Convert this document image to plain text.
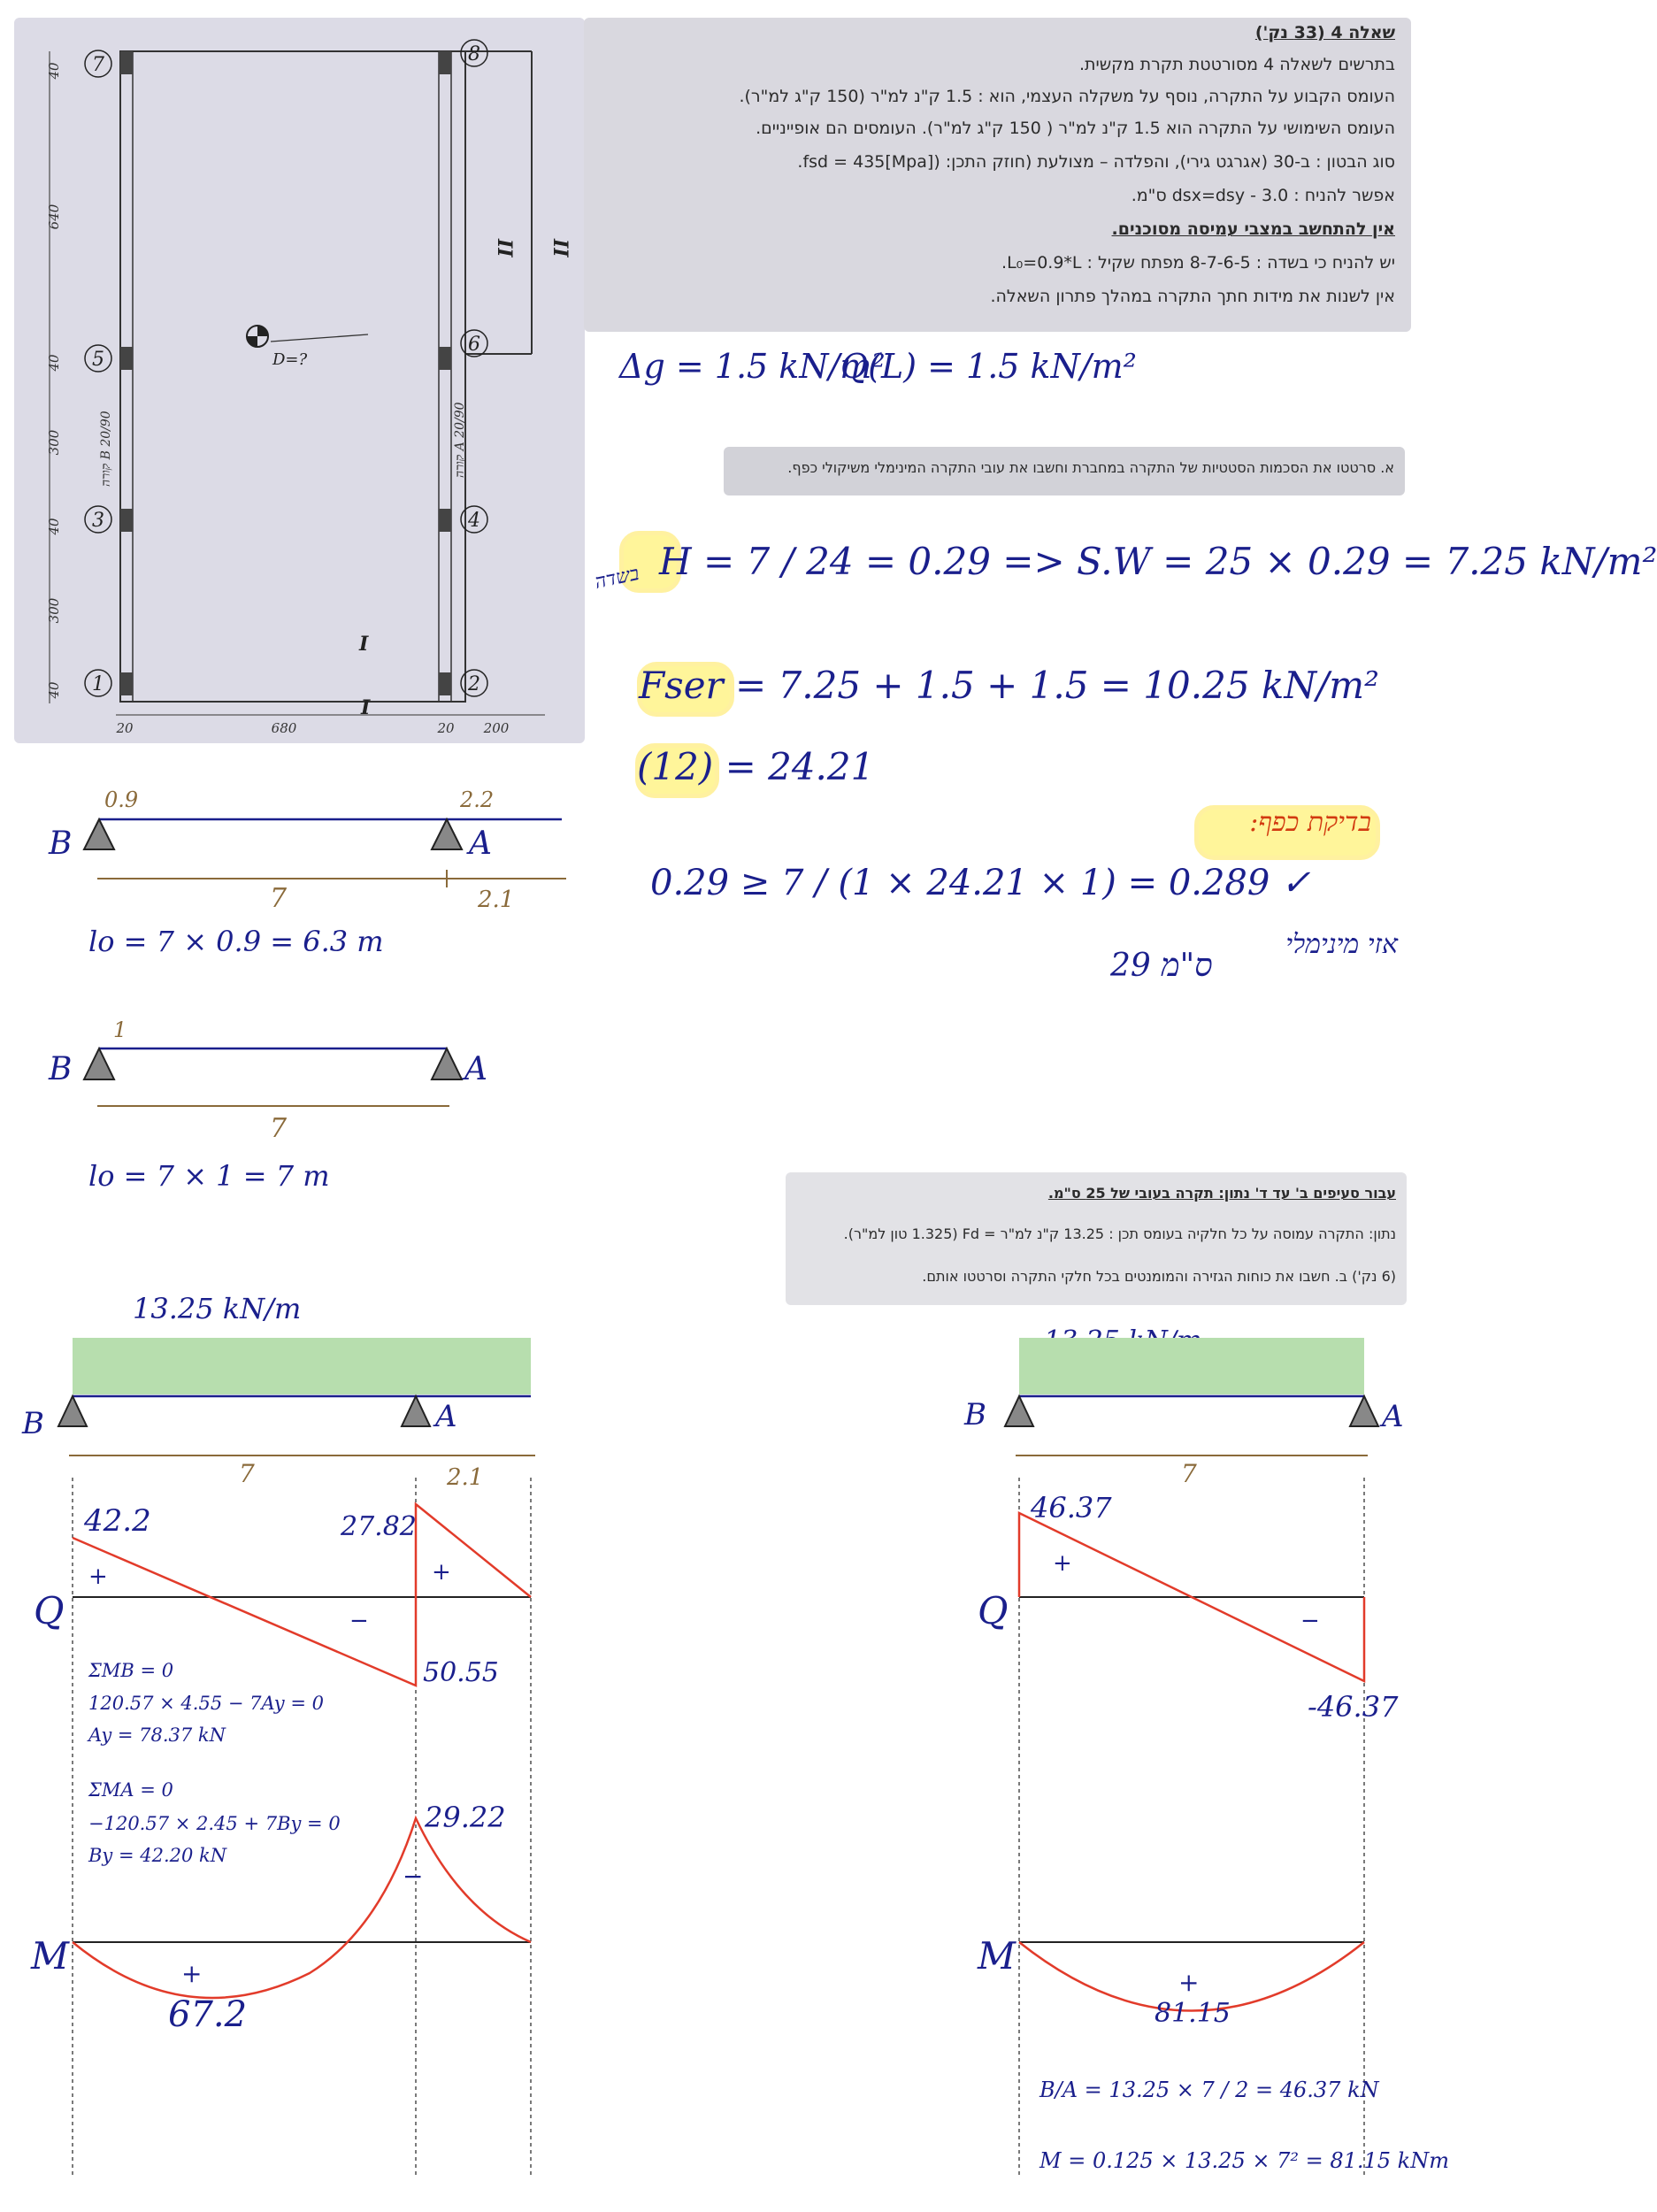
1	2
3	4
5
6
7	8
40
300
40
300
40
640
40
20	680	20 200
קורה B 20/90
קורה A 20/90
D=?
II II
I
I
שאלה 4 (33 נק')
בתרשים לשאלה 4 מסורטטת תקרת מקשית.
העומס הקבוע על התקרה, נוסף על משקלה העצמי, הוא : 1.5 ק"נ למ"ר (150 ק"ג למ"ר).
העומס השימושי על התקרה הוא 1.5 ק"נ למ"ר ( 150 ק"ג למ"ר). העומסים הם אופייניים.
סוג הבטון : ב-30 (אגרגט גירי), והפלדה – מצולעת (חוזק התכן: (fsd = 435[Mpa].
אפשר להניח : dsx=dsy - 3.0 ס"מ.
אין להתחשב במצבי עמיסה מסוכנים.
יש להניח כי בשדה : 8-7-6-5 מפתח שקיל : L₀=0.9*L.
אין לשנות את מידות חתך התקרה במהלך פתרון השאלה.
Δg = 1.5 kN/m²
Q(L) = 1.5 kN/m²
א. סרטטו את הסכמות הסטטיות של התקרה במחברת וחשבו את עובי התקרה המינימלי משיקולי כפף.
בשדה H = 7 / 24 = 0.29 => S.W = 25 × 0.29 = 7.25 kN/m²
Fser = 7.25 + 1.5 + 1.5 = 10.25 kN/m²
(12) = 24.21
בדיקת כפף:
0.29 ≥ 7 / (1 × 24.21 × 1) = 0.289 ✓
אזי מינימלי
29 ס"מ
עבור סעיפים ב' עד ד' נתון: תקרה בעובי של 25 ס"מ.
נתון: התקרה עמוסה על כל חלקיה בעומס תכן : 13.25 ק"נ למ"ר = Fd (1.325 טון למ"ר).
(6 נק') ב. חשבו את כוחות הגזירה והמומנטים בכל חלקי התקרה וסרטטו אותם.
B	A
0.9	2.2
7	2.1
lo = 7 × 0.9 = 6.3 m
B	A
1
7
lo = 7 × 1 = 7 m
13.25 kN/m
B	A
7	2.1
Q
42.2	27.82
50.55
+
−
+
ΣMB = 0
120.57 × 4.55 − 7Ay = 0
Ay = 78.37 kN
ΣMA = 0
−120.57 × 2.45 + 7By = 0
By = 42.20 kN
M
67.2
29.22
+
−
B	A
7
Q
46.37
-46.37
+
−
M
+
81.15
B/A = 13.25 × 7 / 2 = 46.37 kN
M = 0.125 × 13.25 × 7² = 81.15 kNm
